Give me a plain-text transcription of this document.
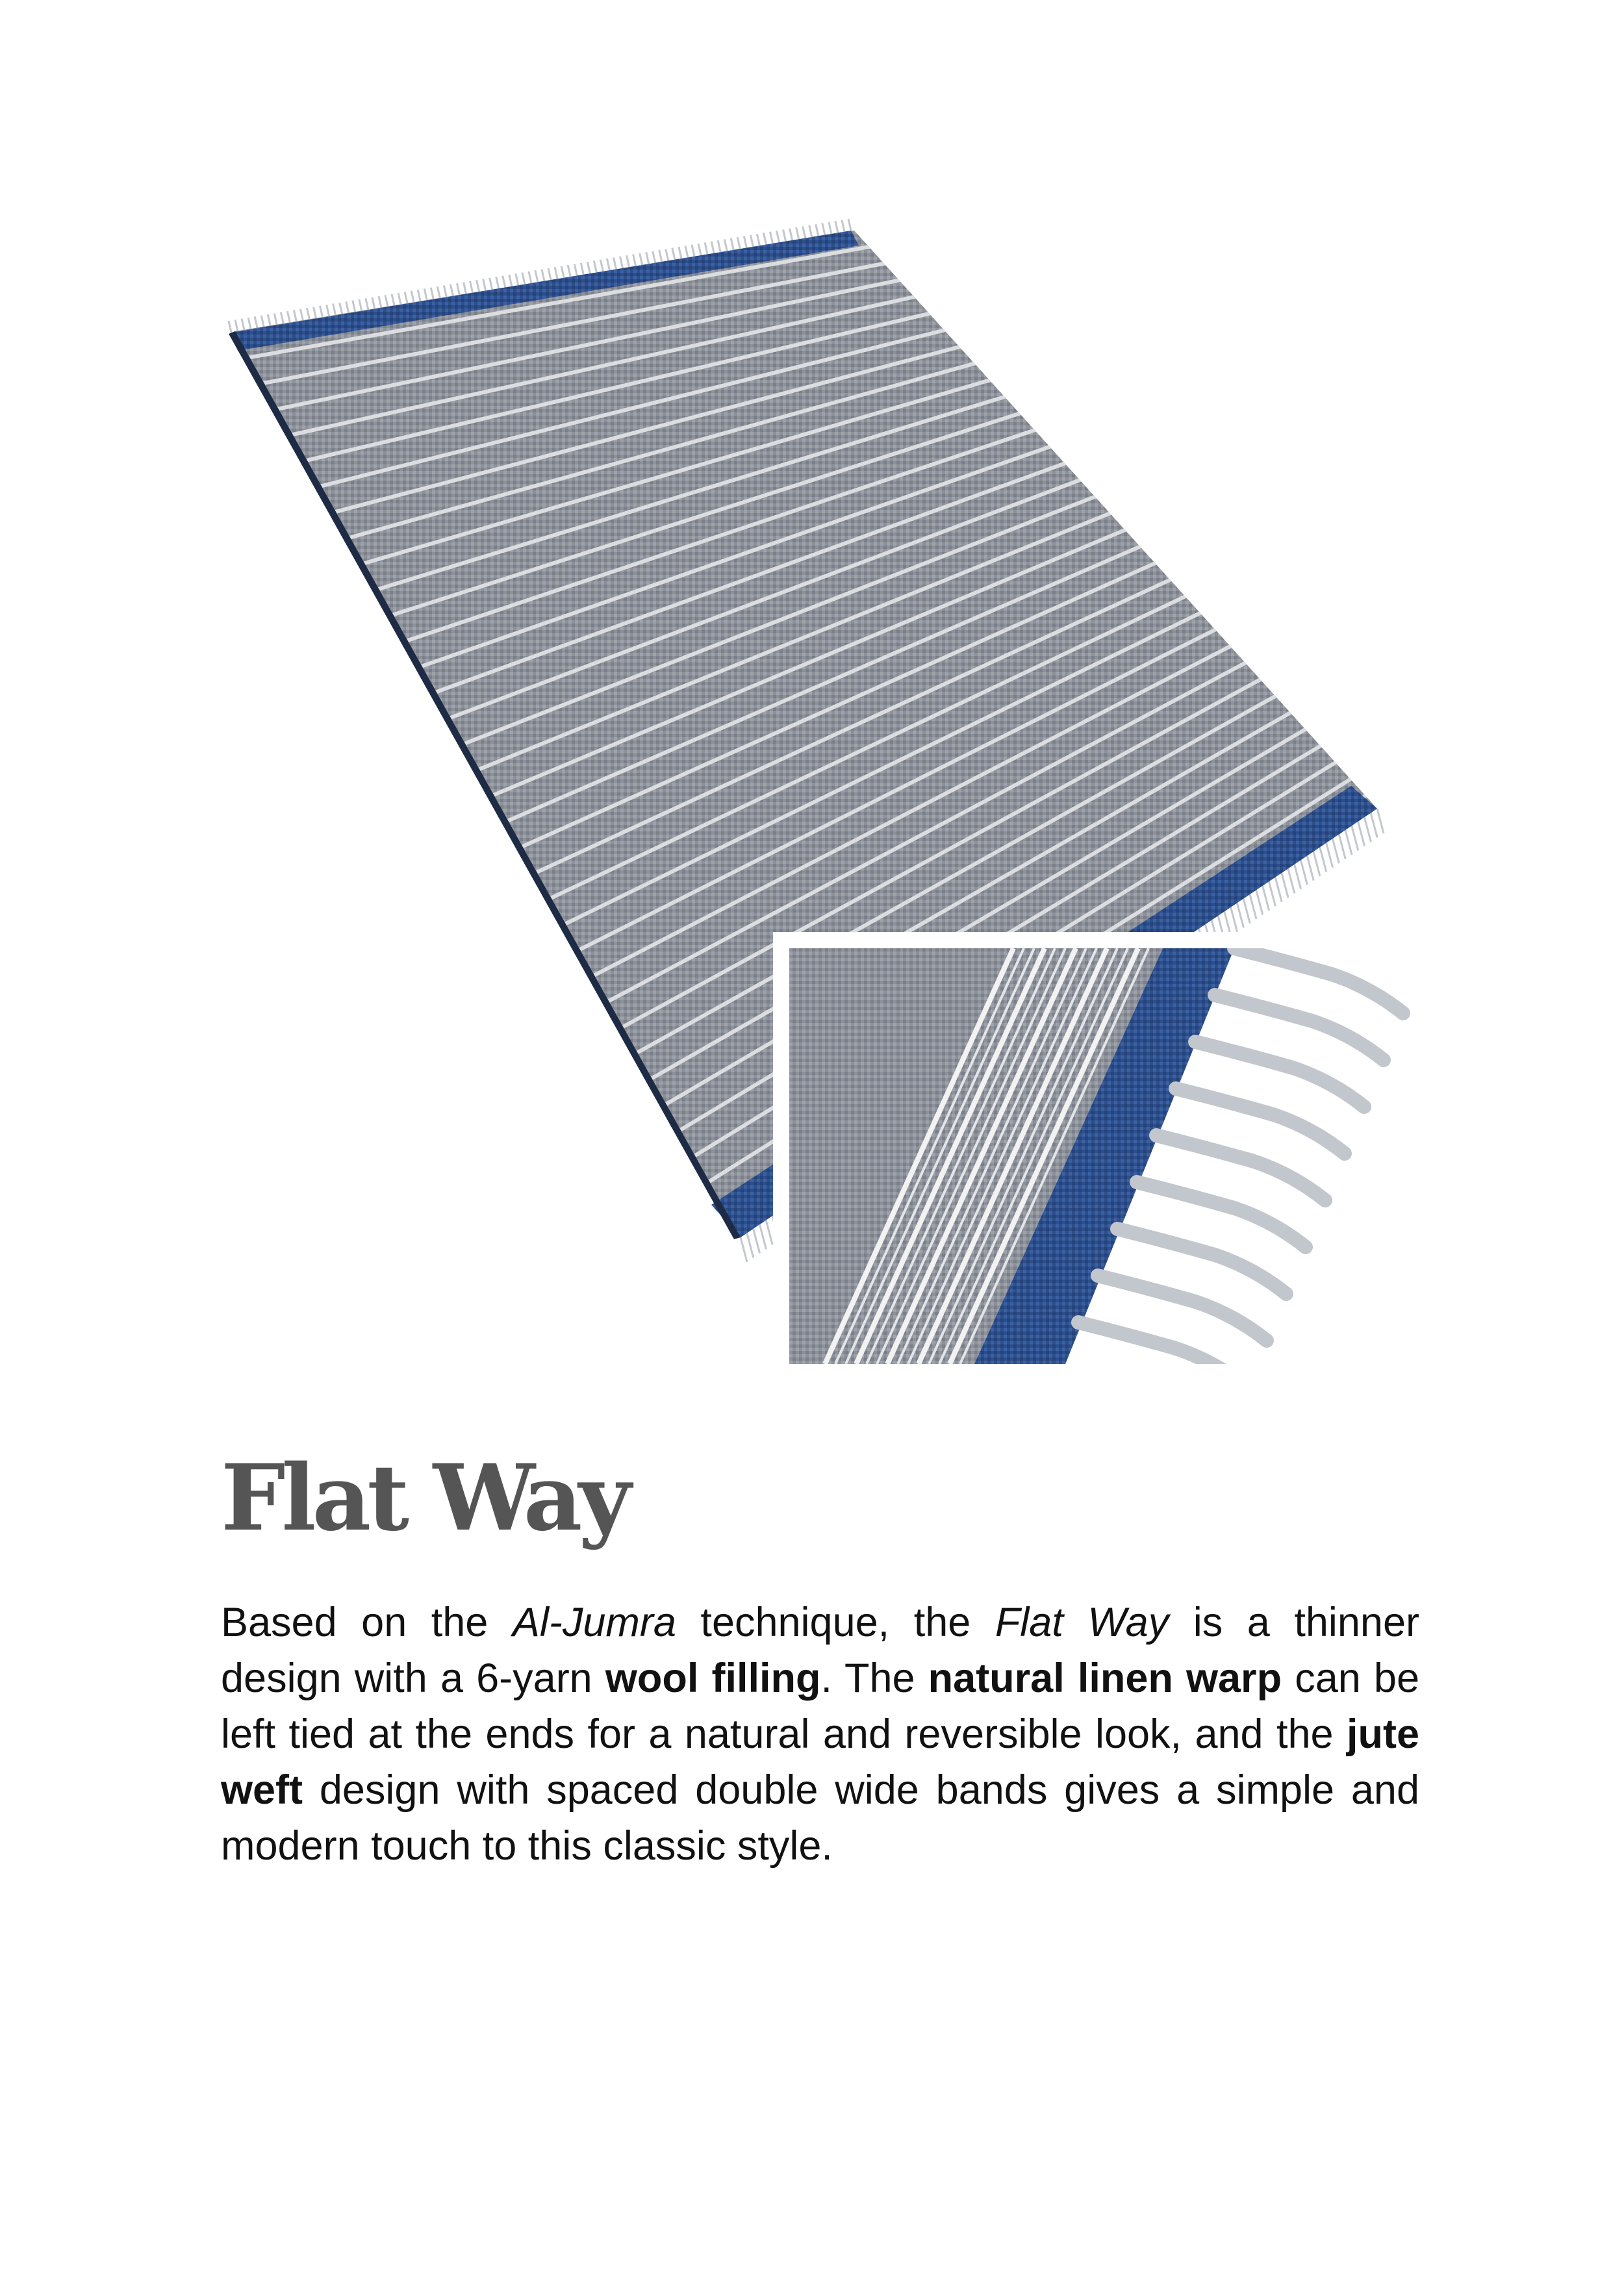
Flat Way

Based on the Al-Jumra technique, the Flat Way is a thinner design with a 6-yarn wool filling. The natural linen warp can be left tied at the ends for a natural and reversible look, and the jute weft design with spaced double wide bands gives a simple and modern touch to this classic style.
